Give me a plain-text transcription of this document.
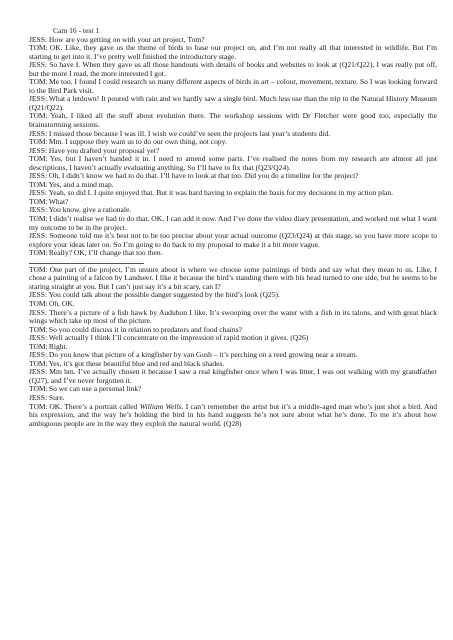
Cam 16 - test 1
JESS: How are you getting on with your art project, Tom?
TOM: OK. Like, they gave us the theme of birds to base our project on, and I’m not really all that interested in wildlife. But I’m starting to get into it. I’ve pretty well finished the introductory stage.
JESS: So have I. When they gave us all those handouts with details of books and websites to look at (Q21/Q22), I was really put off, but the more I read, the more interested I got.
TOM: Me too. I found I could research so many different aspects of birds in art – colour, movement, texture. So I was looking forward to the Bird Park visit.
JESS: What a letdown! It poured with rain and we hardly saw a single bird. Much less use than the trip to the Natural History Museum (Q21/Q22).
TOM: Yeah, I liked all the stuff about evolution there. The workshop sessions with Dr Fletcher were good too, especially the brainstorming sessions.
JESS: I missed those because I was ill. I wish we could’ve seen the projects last year’s students did.
TOM: Mm. I suppose they want us to do our own thing, not copy.
JESS: Have you drafted your proposal yet?
TOM: Yes, but I haven’t handed it in. I need to amend some parts. I’ve realised the notes from my research are almost all just descriptions, I haven’t actually evaluating anything. So I’ll have to fix that (Q23/Q24).
JESS: Oh, I didn’t know we had to do that. I’ll have to look at that too. Did you do a timeline for the project?
TOM: Yes, and a mind map.
JESS: Yeah, so did I. I quite enjoyed that. But it was hard having to explain the basis for my decisions in my action plan.
TOM: What?
JESS: You know, give a rationale.
TOM: I didn’t realise we had to do that. OK, I can add it now. And I’ve done the video diary presentation, and worked out what I want my outcome to be in the project.
JESS: Someone told me it’s best not to be too precise about your actual outcome (Q23/Q24) at this stage, so you have more scope to explore your ideas later on. So I’m going to do back to my proposal to make it a bit more vague.
TOM: Really? OK, I’ll change that too then.
TOM: One part of the project, I’m unsure about is where we choose some paintings of birds and say what they mean to us. Like, I chose a painting of a falcon by Landseer. I like it because the bird’s standing there with his head turned to one side, but he seems to be staring straight at you. But I can’t just say it’s a bit scary, can I?
JESS: You could talk about the possible danger suggested by the bird’s look (Q25).
TOM: Oh, OK.
JESS: There’s a picture of a fish hawk by Audubon I like. It’s swooping over the water with a fish in its talons, and with great black wings which take up most of the picture.
TOM: So you could discuss it in relation to predators and food chains?
JESS: Well actually I think I’ll concentrate on the impression of rapid motion it gives. (Q26)
TOM: Right.
JESS: Do you know that picture of a kingfisher by van Gosh – it’s perching on a reed growing near a stream.
TOM: Yes, it’s got these beautiful blue and red and black shades.
JESS: Mm hm. I’ve actually chosen it because I saw a real kingfisher once when I was litter, I was out walking with my grandfather (Q27), and I’ve never forgotten it.
TOM: So we can use a personal link?
JESS: Sure.
TOM: OK. There’s a portrait called William Wells. I can’t remember the artist but it’s a middle-aged man who’s just shot a bird. And his expression, and the way he’s holding the bird in his hand suggests he’s not sure about what he’s done. To me it’s about how ambiguous people are in the way they exploit the natural world. (Q28)
